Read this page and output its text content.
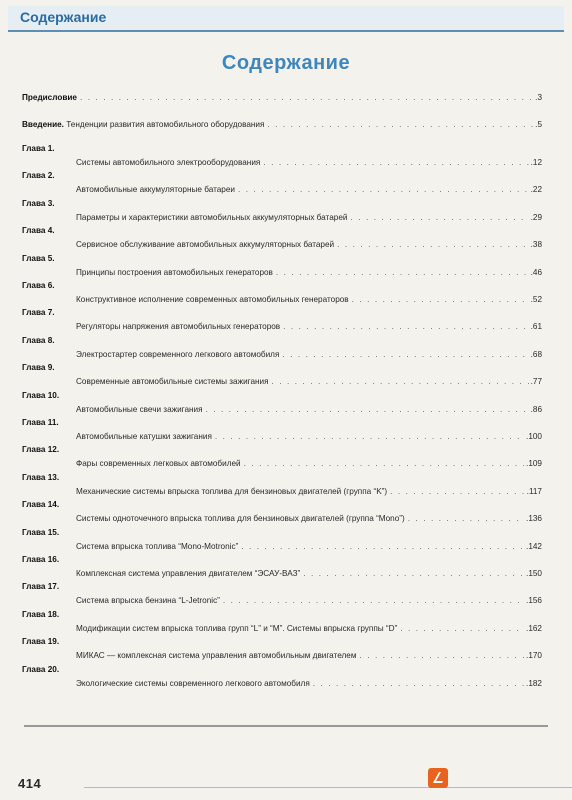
Содержание
Содержание
Предисловие . . .	.3
Введение. Тенденции развития автомобильного оборудования . . .	.5
Глава 1.
Системы автомобильного электрооборудования . . .	.12
Глава 2.
Автомобильные аккумуляторные батареи . . .	.22
Глава 3.
Параметры и характеристики автомобильных аккумуляторных батарей . . .	.29
Глава 4.
Сервисное обслуживание автомобильных аккумуляторных батарей . . .	.38
Глава 5.
Принципы построения автомобильных генераторов . . .	.46
Глава 6.
Конструктивное исполнение современных автомобильных генераторов . . .	.52
Глава 7.
Регуляторы напряжения автомобильных генераторов . . .	.61
Глава 8.
Электростартер современного легкового автомобиля . . .	.68
Глава 9.
Современные автомобильные системы зажигания . . .	.77
Глава 10.
Автомобильные свечи зажигания . . .	.86
Глава 11.
Автомобильные катушки зажигания . . .	.100
Глава 12.
Фары современных легковых автомобилей . . .	.109
Глава 13.
Механические системы впрыска топлива для бензиновых двигателей (группа “K”) . . .	.117
Глава 14.
Системы одноточечного впрыска топлива для бензиновых двигателей (группа “Mono”) . . .	.136
Глава 15.
Система впрыска топлива “Mono-Motronic” . . .	.142
Глава 16.
Комплексная система управления двигателем “ЭСАУ-ВАЗ” . . .	.150
Глава 17.
Система впрыска бензина “L-Jetronic” . . .	.156
Глава 18.
Модификации систем впрыска топлива групп “L” и “M”. Системы впрыска группы “D” . . .	.162
Глава 19.
МИКАС — комплексная система управления автомобильным двигателем . . .	.170
Глава 20.
Экологические системы современного легкового автомобиля . . .	.182
414
